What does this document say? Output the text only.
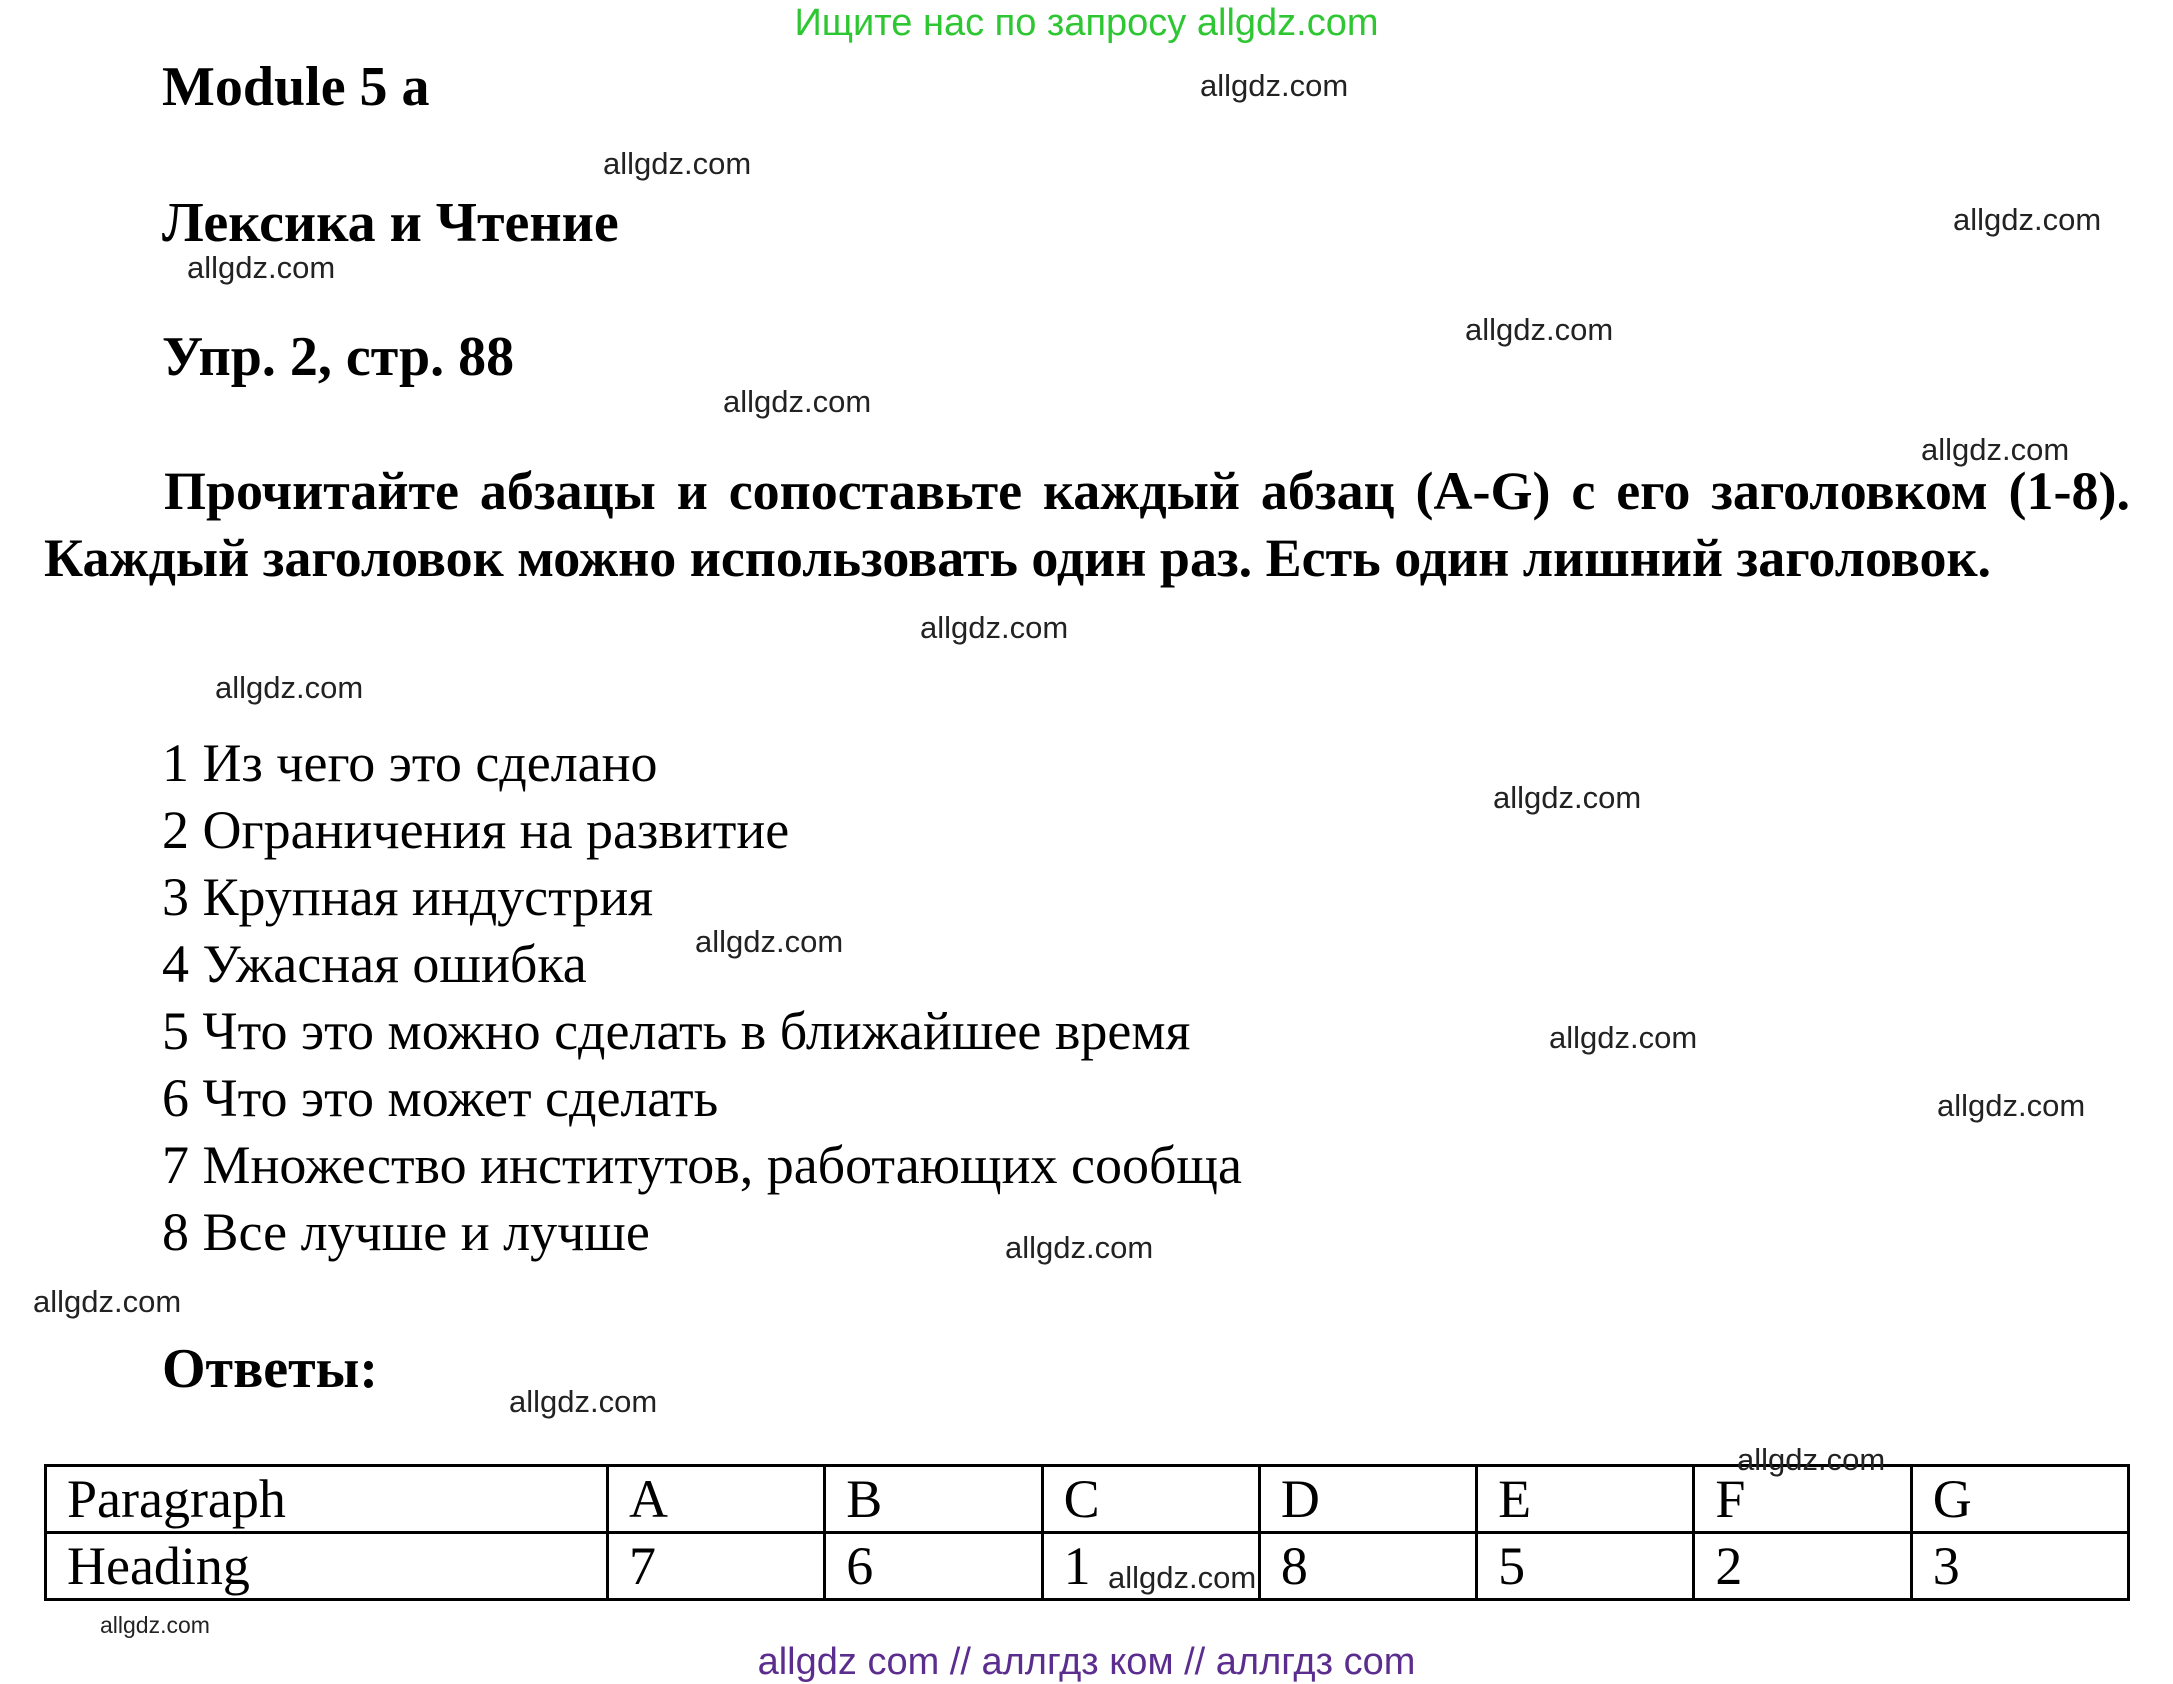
Ищите нас по запросу allgdz.com
Module 5 a
Лексика и Чтение
Упр. 2, стр. 88
Прочитайте абзацы и сопоставьте каждый абзац (A-G) с его заголовком (1-8). Каждый заголовок можно использовать один раз. Есть один лишний заголовок.
1 Из чего это сделано
2 Ограничения на развитие
3 Крупная индустрия
4 Ужасная ошибка
5 Что это можно сделать в ближайшее время
6 Что это может сделать
7 Множество институтов, работающих сообща
8 Все лучше и лучше
Ответы:
Paragraph	A	B	C	D	E	F	G
Heading	7	6	1	8	5	2	3
allgdz.com
allgdz.com
allgdz.com
allgdz.com
allgdz.com
allgdz.com
allgdz.com
allgdz.com
allgdz.com
allgdz.com
allgdz.com
allgdz.com
allgdz.com
allgdz.com
allgdz.com
allgdz.com
allgdz.com
allgdz.com
allgdz.com
allgdz com // аллгдз ком // аллгдз com
